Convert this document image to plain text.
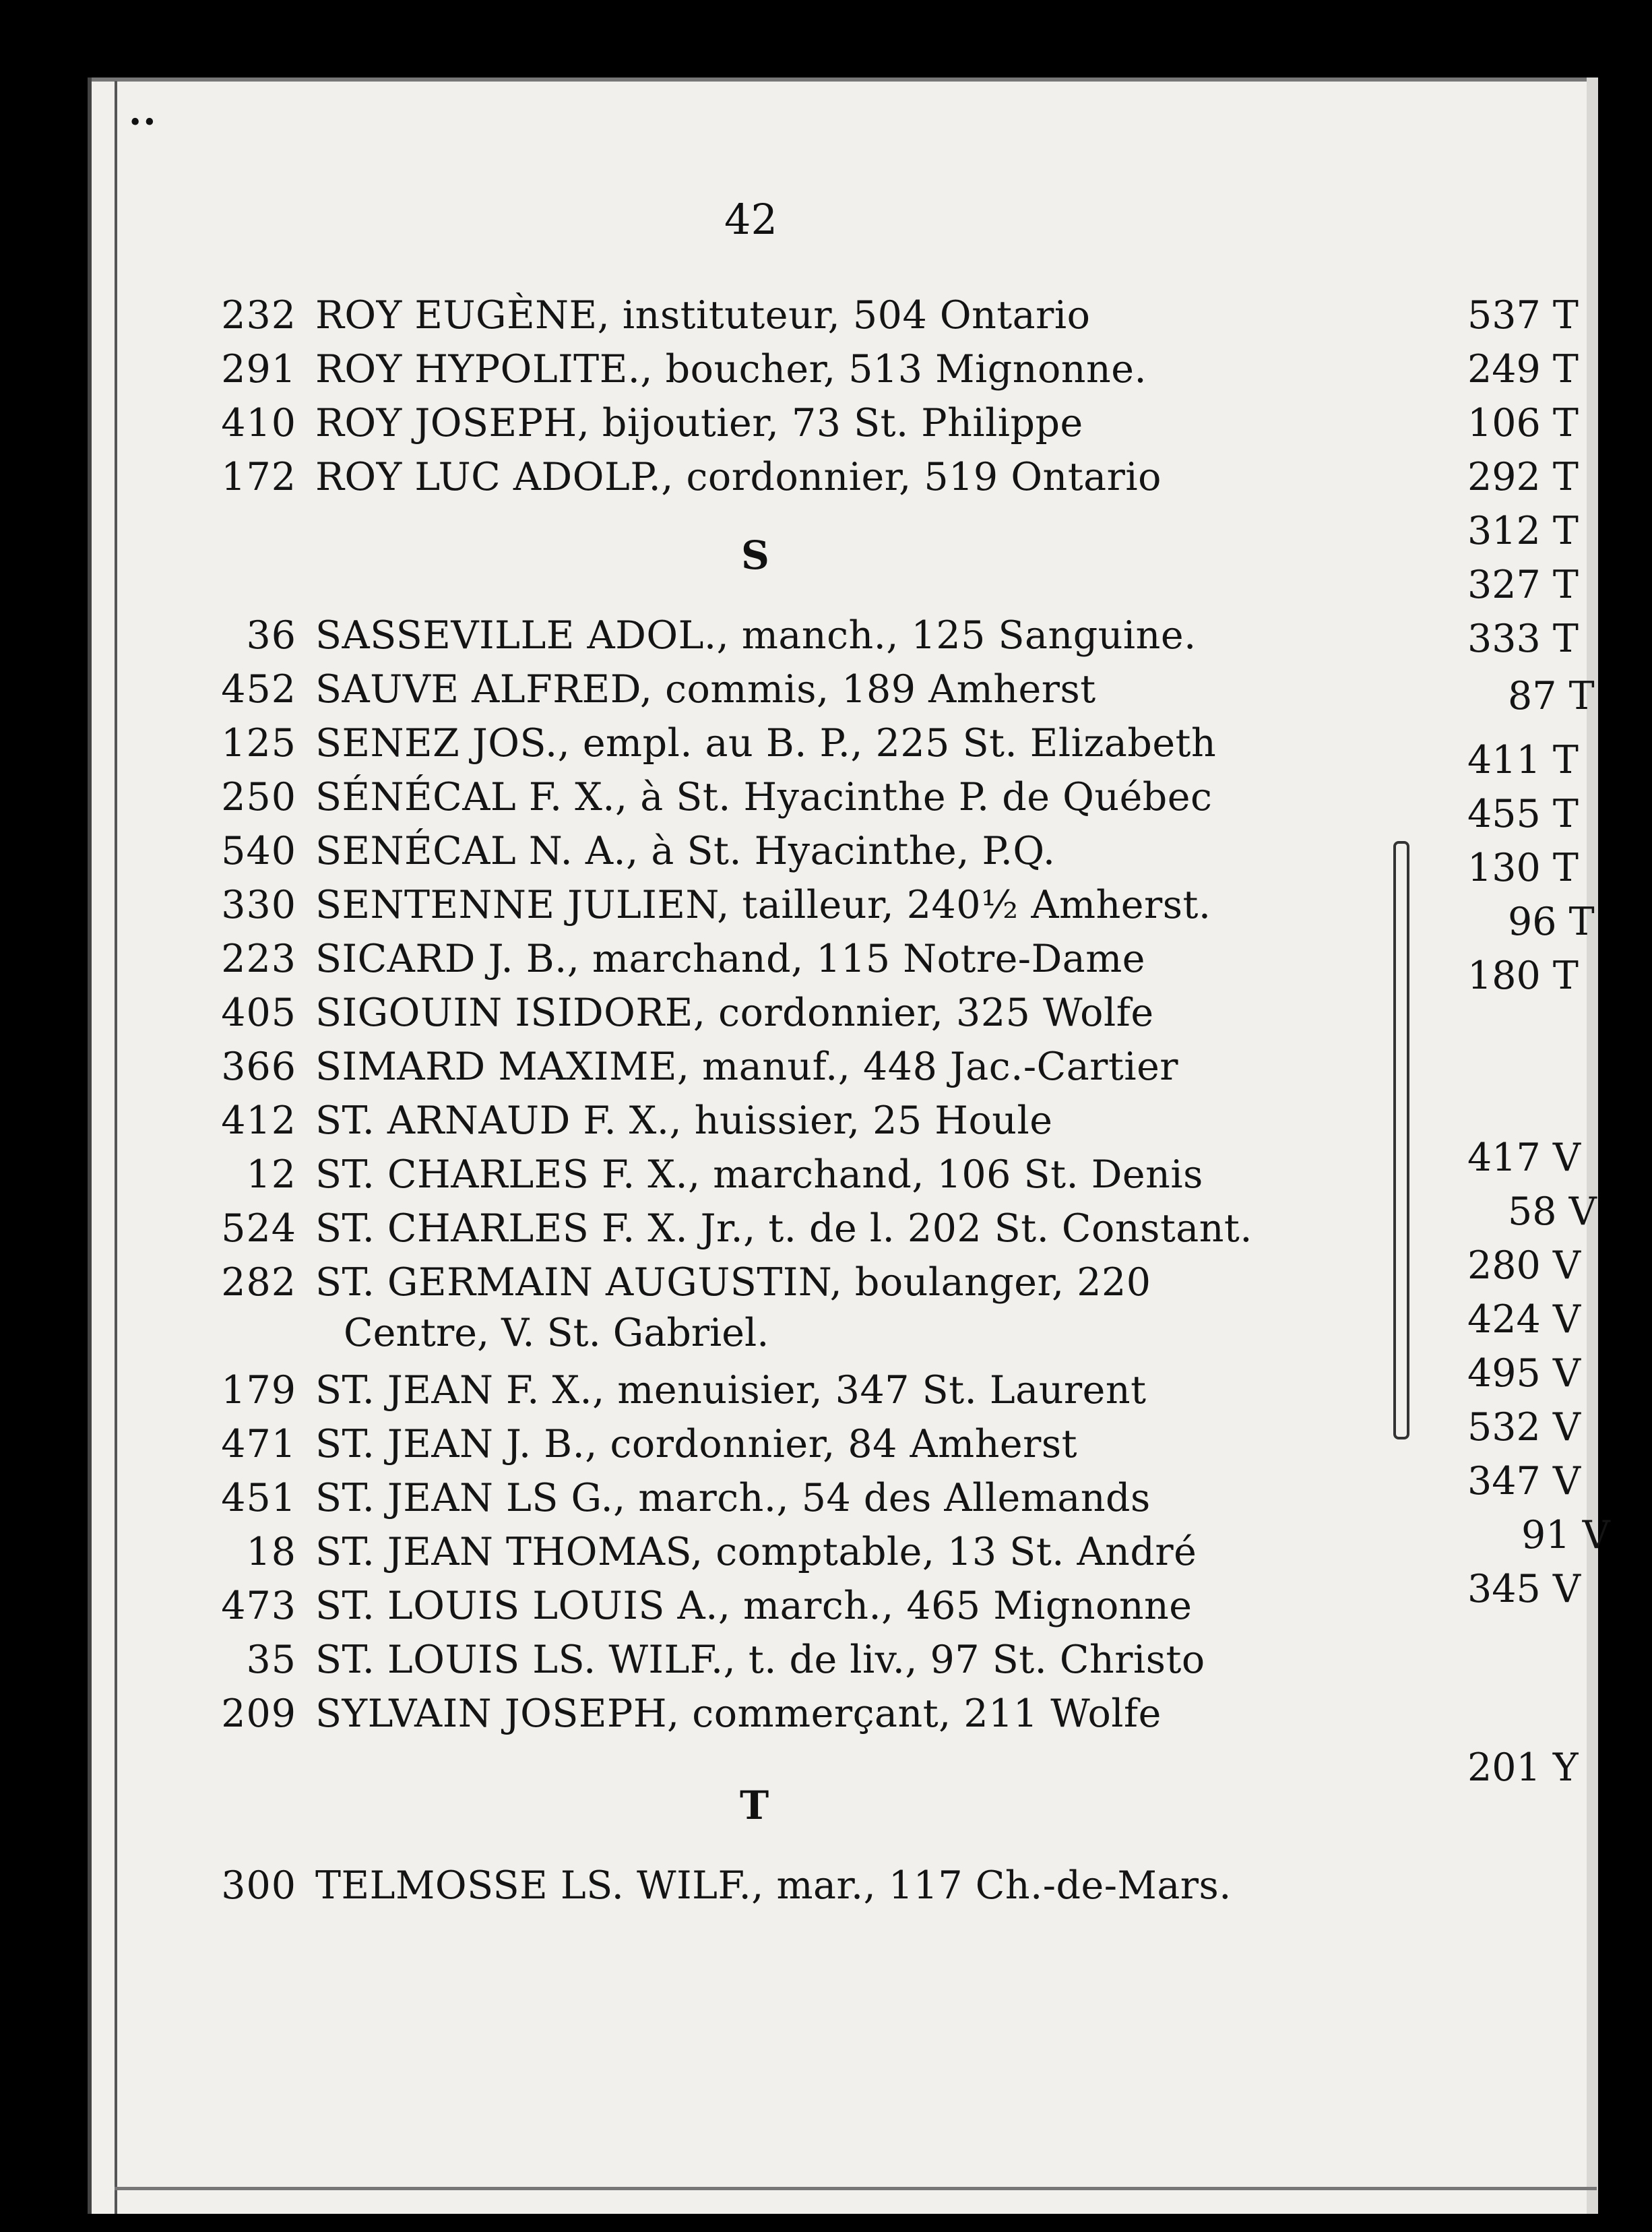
••
42
232 ROY EUGÈNE, instituteur, 504 Ontario
291 ROY HYPOLITE., boucher, 513 Mignonne.
410 ROY JOSEPH, bijoutier, 73 St. Philippe
172 ROY LUC ADOLP., cordonnier, 519 Ontario
S
36 SASSEVILLE ADOL., manch., 125 Sanguine.
452 SAUVE ALFRED, commis, 189 Amherst
125 SENEZ JOS., empl. au B. P., 225 St. Elizabeth
250 SÉNÉCAL F. X., à St. Hyacinthe P. de Québec
540 SENÉCAL N. A., à St. Hyacinthe, P.Q.
330 SENTENNE JULIEN, tailleur, 240½ Amherst.
223 SICARD J. B., marchand, 115 Notre-Dame
405 SIGOUIN ISIDORE, cordonnier, 325 Wolfe
366 SIMARD MAXIME, manuf., 448 Jac.-Cartier
412 ST. ARNAUD F. X., huissier, 25 Houle
12 ST. CHARLES F. X., marchand, 106 St. Denis
524 ST. CHARLES F. X. Jr., t. de l. 202 St. Constant.
282 ST. GERMAIN AUGUSTIN, boulanger, 220
Centre, V. St. Gabriel.
179 ST. JEAN F. X., menuisier, 347 St. Laurent
471 ST. JEAN J. B., cordonnier, 84 Amherst
451 ST. JEAN LS G., march., 54 des Allemands
18 ST. JEAN THOMAS, comptable, 13 St. André
473 ST. LOUIS LOUIS A., march., 465 Mignonne
35 ST. LOUIS LS. WILF., t. de liv., 97 St. Christo
209 SYLVAIN JOSEPH, commerçant, 211 Wolfe
T
300 TELMOSSE LS. WILF., mar., 117 Ch.-de-Mars.
537 T
249 T
106 T
292 T
312 T
327 T
333 T
87 T
411 T
455 T
130 T
96 T
180 T
417 V
58 V
280 V
424 V
495 V
532 V
347 V
91 V
345 V
201 Y
